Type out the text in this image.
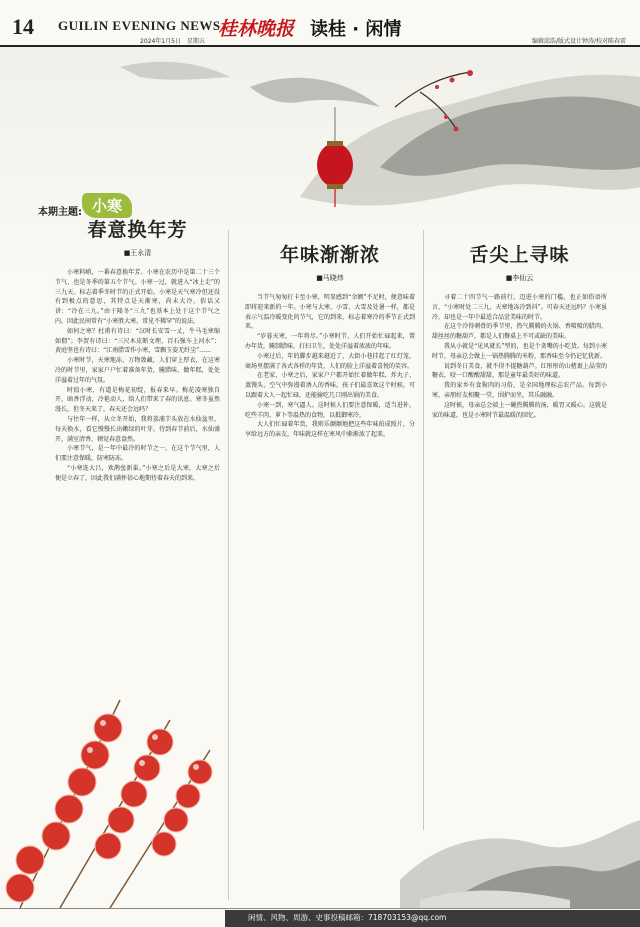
14 GUILIN EVENING NEWS
2024年1月5日　星期五
桂林晚报 读桂 · 闲情
编辑邱浩/版式设计钟涛/校对陈春雷
本期主题: 小寒
春意换年芳
■王永清

小寒料峭，一番春意换年芳。小寒在农历中是第二十三个节气，也是冬季的第五个节气。小寒一过，就进入“冰上走”的三九天。标志着季冬时节的正式开始。小寒是天气寒冷但还没有到极点的意思，其特点是天渐寒，尚未大冷。俗话又讲：“冷在三九。”由于隆冬“三九”也基本上处于这个节气之内，因此民间常有“小寒胜大寒，常见不稀罕”的说法。

如何之寒？杜甫有诗曰：“汉时长安雪一丈，牛马毛寒缩如猬”；李贺有诗曰：“三尺木皮断文理，百石强车上河水”；黄庭坚也有诗曰：“江南腊雪作小寒，雪飘玉姿无纤尘”……

小寒时节，天寒地冻，万物敛藏，人们穿上厚衣，在这寒冷的时节里，家家户户忙着准备年货，腌腊味、做年糕，处处洋溢着过年的气氛。

时值小寒，有道是梅花初绽，报春来早。梅花凌寒独自开，暗香浮动，冷艳动人，给人们带来了春的讯息。寒冬虽然漫长，但冬天来了，春天还会远吗？

与往年一样，从立冬开始，我将荔浦芋头放在水仙盆里，每天换水，看它慢慢长出嫩绿的叶芽。待到春节前后，水仙盛开，满室清香，顿觉春意盎然。

小寒节气，是一年中最冷的时节之一，在这个节气里，人们要注意保暖，防寒防冻。

“小寒连大吕，欢鹊垒新巢。”小寒之后是大寒，大寒之后便是立春了，因此我们满怀信心地期待着春天的到来。

年味渐渐浓
■马晓炜

当节气匆匆打卡至小寒，明显感到“余额”不足时，便意味着即将迎来新的一年。小寒与大寒、小雪、大雪及处暑一样，都是表示气温冷暖变化的节气，它的到来，标志着寒冷的季节正式到来。

“岁暮天寒，一年将尽。”小寒时节，人们开始忙碌起来，置办年货，腌制腊味，打扫卫生，处处洋溢着浓浓的年味。

小寒过后，年的脚步越来越近了，大街小巷挂起了红灯笼，商场里摆满了各式各样的年货，人们的脸上洋溢着喜悦的笑容。

在老家，小寒之后，家家户户都开始忙着做年糕、炸丸子、蒸馒头，空气中弥漫着诱人的香味。孩子们最喜欢这个时候，可以跟着大人一起忙碌，还能偷吃几口刚出锅的美食。

小寒一到，寒气逼人。这时候人们要注意保暖，适当进补，吃些羊肉、萝卜等温热的食物，以抵御寒冷。

大人们忙碌着年货，我则乐颠颠地把这些年味拍成照片，分享给远方的亲友，年味就这样在寒风中渐渐浓了起来。

舌尖上寻味
■李仙云

寻着二十四节气一路前行，迈进小寒的门槛，也正如俗语所言，“小寒时处二三九，天寒地冻冷到抖”。可春天还远吗？小寒虽冷，却也是一年中最适合品尝美味的时节。

在这个冷得刺骨的季节里，热气腾腾的火锅、香喷喷的腊肉、甜丝丝的糖葫芦，都是人们餐桌上不可或缺的美味。

我从小就是“见风就长”型的，也是个贪嘴的小吃货。每到小寒时节，母亲总会做上一锅热腾腾的米粉，那香味至今仍记忆犹新。

说到冬日美食，就不得不提糖葫芦。红彤彤的山楂裹上晶莹的糖衣，咬一口酸酸甜甜，那是童年最美好的味道。

我的家乡有食狗肉的习俗，是全国地理标志农产品。每到小寒，亲朋好友相聚一堂，围炉而坐，其乐融融。

这时候，母亲总会端上一碗热腾腾的汤，暖胃又暖心。这就是家的味道，也是小寒时节最温暖的回忆。

闲情、风物、周游、史事投稿邮箱：718703153@qq.com
